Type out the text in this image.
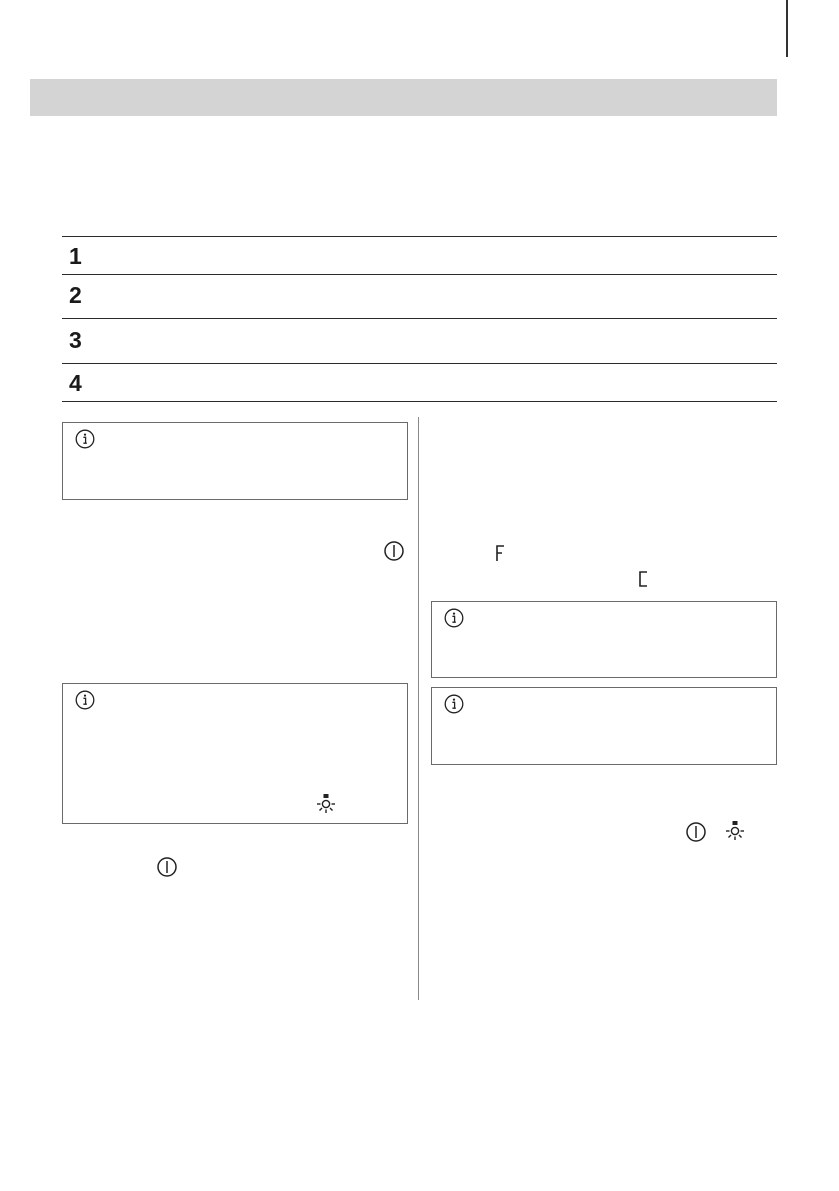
1
2
3
4
